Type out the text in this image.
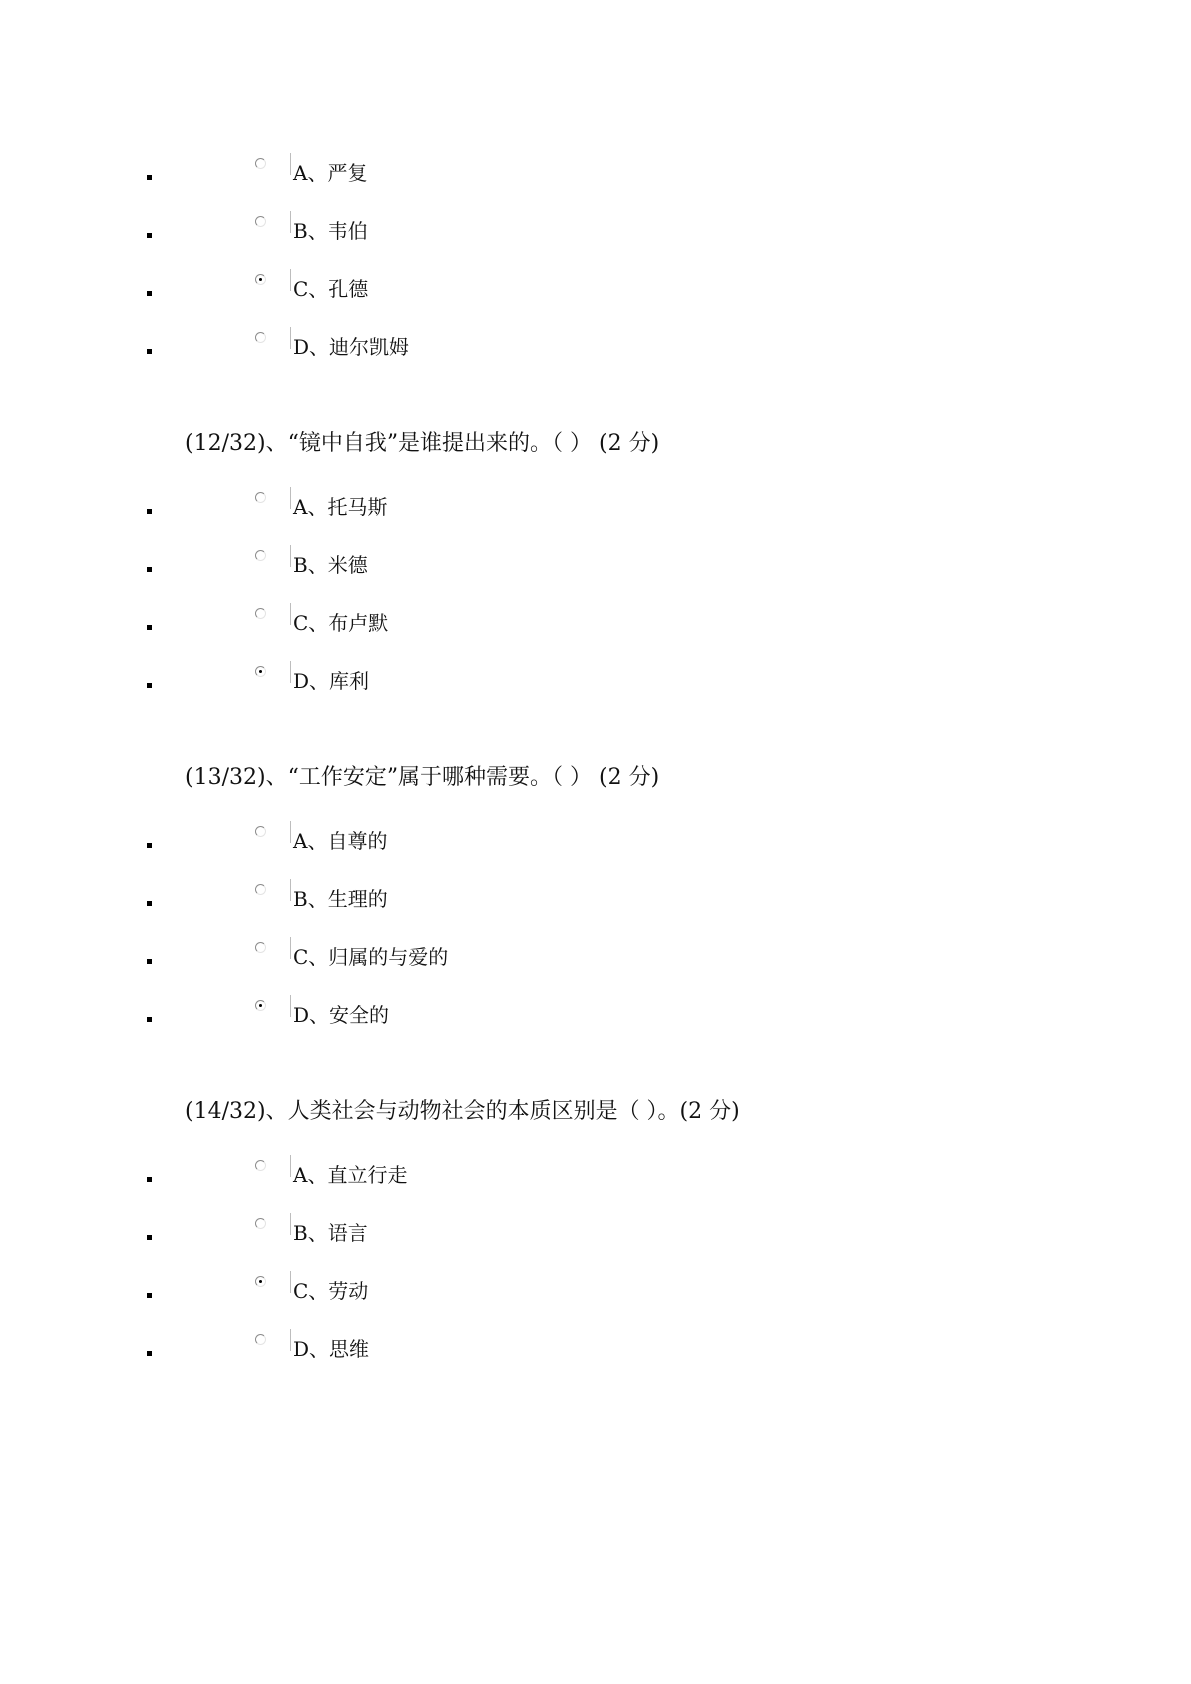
A、严复
B、韦伯
C、孔德
D、迪尔凯姆
(12/32)、“镜中自我”是谁提出来的。（ ） (2 分)
A、托马斯
B、米德
C、布卢默
D、库利
(13/32)、“工作安定”属于哪种需要。（ ） (2 分)
A、自尊的
B、生理的
C、归属的与爱的
D、安全的
(14/32)、人类社会与动物社会的本质区别是（ ）。(2 分)
A、直立行走
B、语言
C、劳动
D、思维
